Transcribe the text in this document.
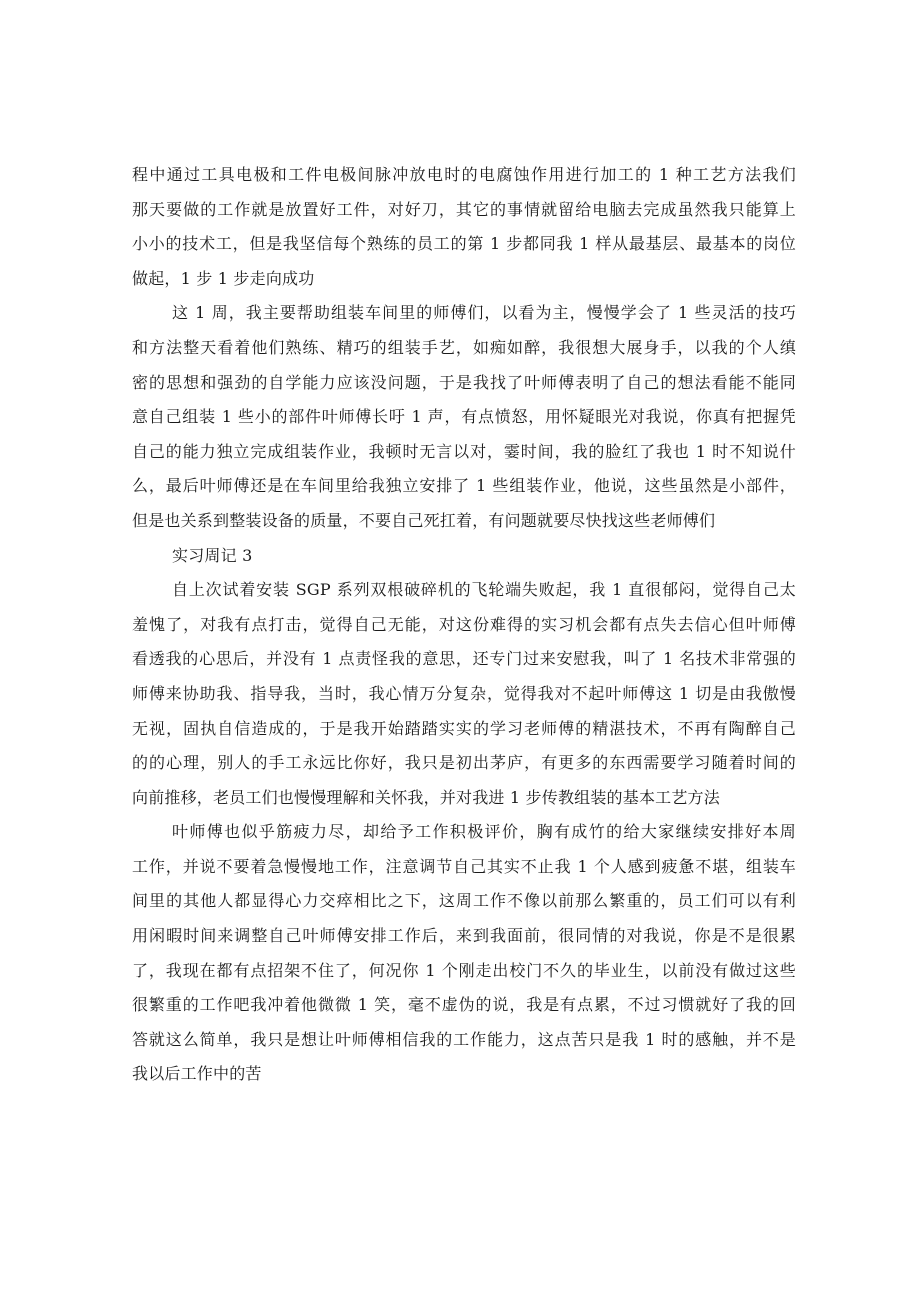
程中通过工具电极和工件电极间脉冲放电时的电腐蚀作用进行加工的 1 种工艺方法我们
那天要做的工作就是放置好工件，对好刀，其它的事情就留给电脑去完成虽然我只能算上
小小的技术工，但是我坚信每个熟练的员工的第 1 步都同我 1 样从最基层、最基本的岗位
做起，1 步 1 步走向成功
这 1 周，我主要帮助组装车间里的师傅们，以看为主，慢慢学会了 1 些灵活的技巧
和方法整天看着他们熟练、精巧的组装手艺，如痴如醉，我很想大展身手，以我的个人缜
密的思想和强劲的自学能力应该没问题，于是我找了叶师傅表明了自己的想法看能不能同
意自己组装 1 些小的部件叶师傅长吁 1 声，有点愤怒，用怀疑眼光对我说，你真有把握凭
自己的能力独立完成组装作业，我顿时无言以对，霎时间，我的脸红了我也 1 时不知说什
么，最后叶师傅还是在车间里给我独立安排了 1 些组装作业，他说，这些虽然是小部件，
但是也关系到整装设备的质量，不要自己死扛着，有问题就要尽快找这些老师傅们
实习周记 3
自上次试着安装 SGP 系列双根破碎机的飞轮端失败起，我 1 直很郁闷，觉得自己太
羞愧了，对我有点打击，觉得自己无能，对这份难得的实习机会都有点失去信心但叶师傅
看透我的心思后，并没有 1 点责怪我的意思，还专门过来安慰我，叫了 1 名技术非常强的
师傅来协助我、指导我，当时，我心情万分复杂，觉得我对不起叶师傅这 1 切是由我傲慢
无视，固执自信造成的，于是我开始踏踏实实的学习老师傅的精湛技术，不再有陶醉自己
的的心理，别人的手工永远比你好，我只是初出茅庐，有更多的东西需要学习随着时间的
向前推移，老员工们也慢慢理解和关怀我，并对我进 1 步传教组装的基本工艺方法
叶师傅也似乎筋疲力尽，却给予工作积极评价，胸有成竹的给大家继续安排好本周
工作，并说不要着急慢慢地工作，注意调节自己其实不止我 1 个人感到疲惫不堪，组装车
间里的其他人都显得心力交瘁相比之下，这周工作不像以前那么繁重的，员工们可以有利
用闲暇时间来调整自己叶师傅安排工作后，来到我面前，很同情的对我说，你是不是很累
了，我现在都有点招架不住了，何况你 1 个刚走出校门不久的毕业生，以前没有做过这些
很繁重的工作吧我冲着他微微 1 笑，毫不虚伪的说，我是有点累，不过习惯就好了我的回
答就这么简单，我只是想让叶师傅相信我的工作能力，这点苦只是我 1 时的感触，并不是
我以后工作中的苦
